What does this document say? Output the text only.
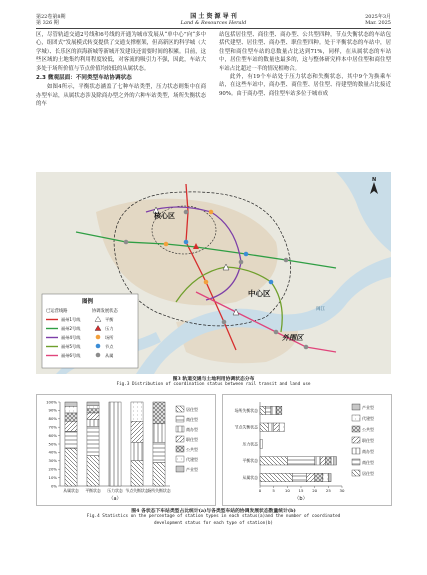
第22卷第8期
第 326 期
国 土 资 源 导 刊
Land & Resources Herald
2025年3月
Mar. 2025

区，尽管轨道交通2号线和6号线的开通为城市发展从“单中心”向“多中心，组团式”发展模式转变提供了交通支撑框架，但高新区的科学城（大学城）、长乐区的滨海新城等新城开发建设还需要时间的积累。目前，这些区域的土地集约利用程度较低，对客流的吸引力不强，因此，车站大多处于场所价值与节点价值均较低的从属状态。

2.3 微观层面：不同类型车站协调状态

如图4所示，平衡状态涵盖了七种车站类型，压力状态则集中在商办型车站，从属状态涉及除商办型之外的六种车站类型，场所失衡状态的车

站包括居住型、商住型、商办型、公共型四种，节点失衡状态的车站包括代建型、居住型、商办型、职住型四种。处于平衡状态的车站中，居住型和商住型车站的总数量占比达到71%，同样，在从属状态的车站中，居住型车站的数量也最多的，这与整体研究样本中居住型和商住型车站占比超过一半的情况相吻合。

此外，有19个车站处于压力状态和失衡状态，其中9个为换乘车站，在这些车站中，商办型、商住型、居住型、待建型的数量占比接近90%。由于商办型、商住型车站多位于城市成

核心区
中心区
外围区
闽江
N
图例
已运营线路	协调发展状态
福州1号线
福州2号线
福州4号线
福州5号线
福州6号线
平衡
压力
场所
节点
从属
图3 轨道交通与土地利用协调状态分布
Fig.3 Distribution of coordination status between rail transit and land use
0%
10%
20%
30%
40%
50%
60%
70%
80%
90%
100%
从属状态 平衡状态 压力状态 节点失衡状态
场所失衡状态
居住型
商住型
商办型
职住型
公共型
代建型
产业型
（a）
0	5	10 15 20 25 30
场所失衡状态
节点失衡状态
压力状态
平衡状态
从属状态
产业型
代建型
公共型
职住型
商办型
商住型
居住型
（b）
图4 各状态下车站类型占比统计(a)与各类型车站的协调发展状态数量统计(b)
Fig.4 Statistics on the percentage of station types in each status(a)and the number of coordinated
development status for each type of station(b)
